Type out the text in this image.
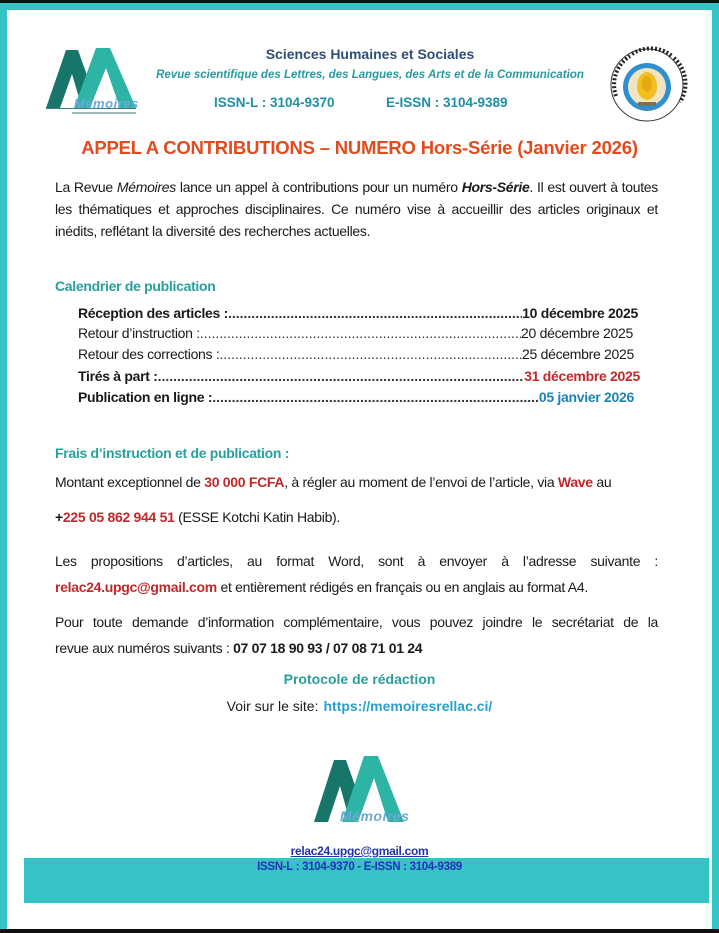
Mémoires
Sciences Humaines et Sociales
Revue scientifique des Lettres, des Langues, des Arts et de la Communication
ISSN-L : 3104-9370	E-ISSN : 3104-9389
APPEL A CONTRIBUTIONS – NUMERO Hors-Série (Janvier 2026)
La Revue Mémoires lance un appel à contributions pour un numéro Hors-Série. Il est ouvert à toutes les thématiques et approches disciplinaires. Ce numéro vise à accueillir des articles originaux et inédits, reflétant la diversité des recherches actuelles.
Calendrier de publication
Réception des articles : .....	10 décembre 2025
Retour d’instruction : .....	20 décembre 2025
Retour des corrections : .....	25 décembre 2025
Tirés à part : .....	31 décembre 2025
Publication en ligne : .....	05 janvier 2026
Frais d’instruction et de publication :
Montant exceptionnel de 30 000 FCFA, à régler au moment de l’envoi de l’article, via Wave au
+225 05 862 944 51 (ESSE Kotchi Katin Habib).
Les propositions d’articles, au format Word, sont à envoyer à l’adresse suivante :
relac24.upgc@gmail.com et entièrement rédigés en français ou en anglais au format A4.
Pour toute demande d’information complémentaire, vous pouvez joindre le secrétariat de la
revue aux numéros suivants : 07 07 18 90 93 / 07 08 71 01 24
Protocole de rédaction
Voir sur le site: https://memoiresrellac.ci/
Mémoires
relac24.upgc@gmail.com
ISSN-L : 3104-9370 - E-ISSN : 3104-9389
